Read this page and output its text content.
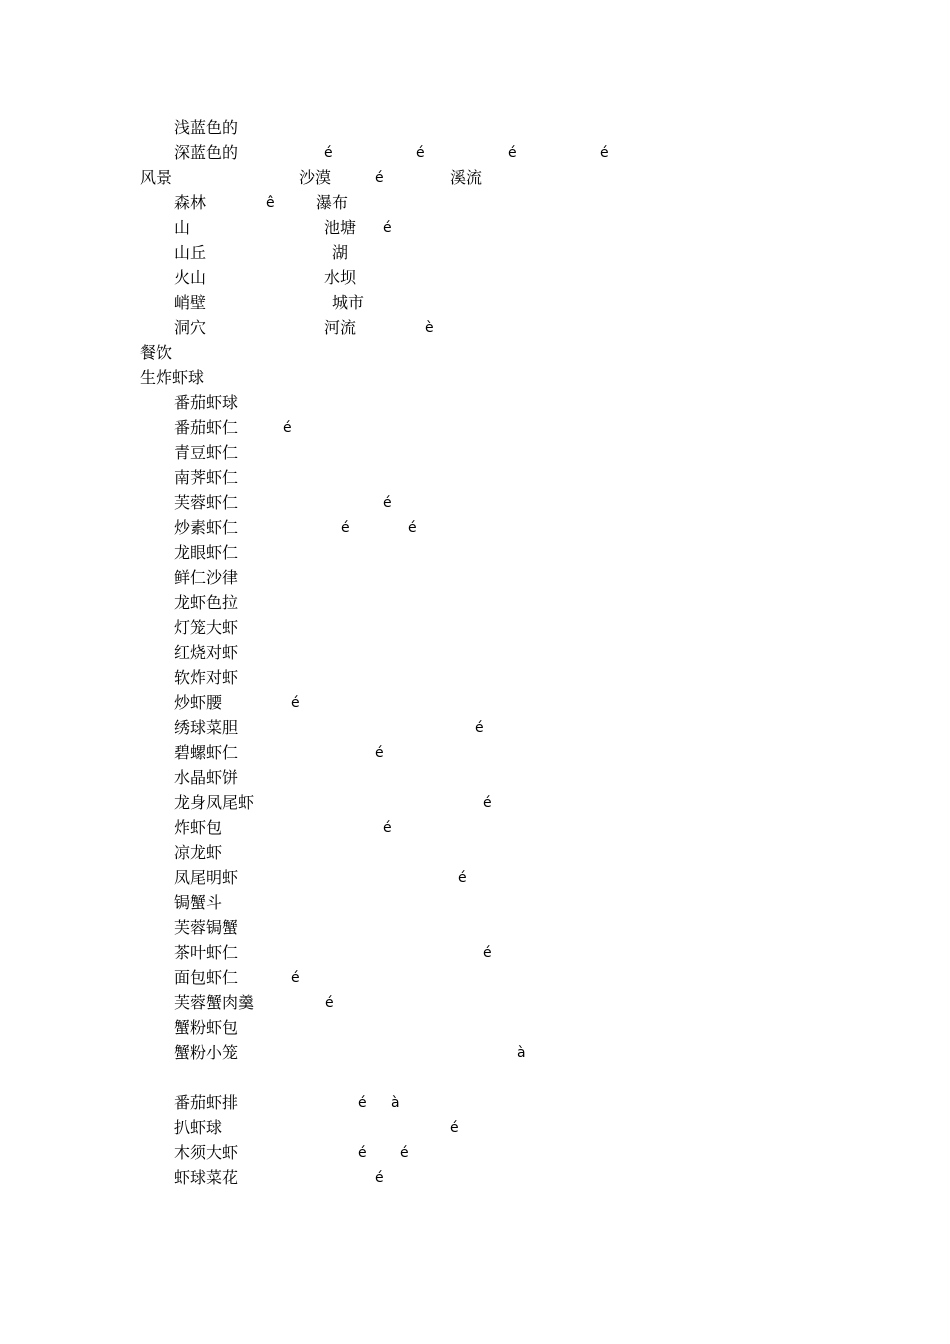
浅蓝色的
深蓝色的	é	é	é	é
风景	沙漠	é	溪流
森林	ê	瀑布
山	池塘 é
山丘	湖
火山	水坝
峭壁	城市
洞穴	河流	è
餐饮
生炸虾球
番茄虾球
番茄虾仁	é
青豆虾仁
南荠虾仁
芙蓉虾仁	é
炒素虾仁	é	é
龙眼虾仁
鲜仁沙律
龙虾色拉
灯笼大虾
红烧对虾
软炸对虾
炒虾腰	é
绣球菜胆	é
碧螺虾仁	é
水晶虾饼
龙身凤尾虾	é
炸虾包	é
凉龙虾
凤尾明虾	é
锔蟹斗
芙蓉锔蟹
茶叶虾仁	é
面包虾仁	é
芙蓉蟹肉羹	é
蟹粉虾包
蟹粉小笼	à
番茄虾排	é à
扒虾球	é
木须大虾	é é
虾球菜花	é
